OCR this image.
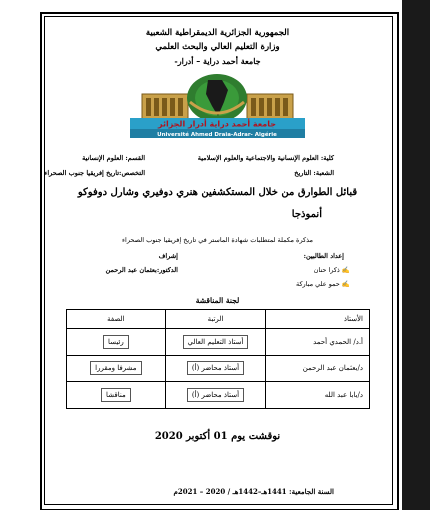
الجمهورية الجزائرية الديمقراطية الشعبية
وزارة التعليم العالي والبحث العلمي
جامعة أحمد دراية – أدرار-
جامعة أحمد دراية أدرار الجزائر
Université Ahmed Draia-Adrar- Algérie
كلية: العلوم الإنسانية والاجتماعية والعلوم الإسلامية
القسم: العلوم الإنسانية
الشعبة: التاريخ
التخصص:تاريخ إفريقيا جنوب الصحراء
قبائل الطوارق من خلال المستكشفين هنري دوفيري وشارل دوفوكو
أنموذجا
مذكرة مكملة لمتطلبات شهادة الماستر في تاريخ إفريقيا جنوب الصحراء
إعداد الطالبين:
إشراف
✍ ذكرا حنان
الدكتور:بعثمان عبد الرحمن
✍ حمو علي مباركة
لجنة المناقشة
الأستاذ	الرتبة	الصفة
أ.د/ الحمدي أحمد	أستاذ التعليم العالي	رئيسا
د/بعثمان عبد الرحمن	أستاذ محاضر (أ)	مشرفا ومقررا
د/بابا عبد الله	أستاذ محاضر (أ)	مناقشا
نوقشت يوم 01 أكتوبر 2020
السنة الجامعية: 1441هـ–1442هـ / 2020 – 2021م
